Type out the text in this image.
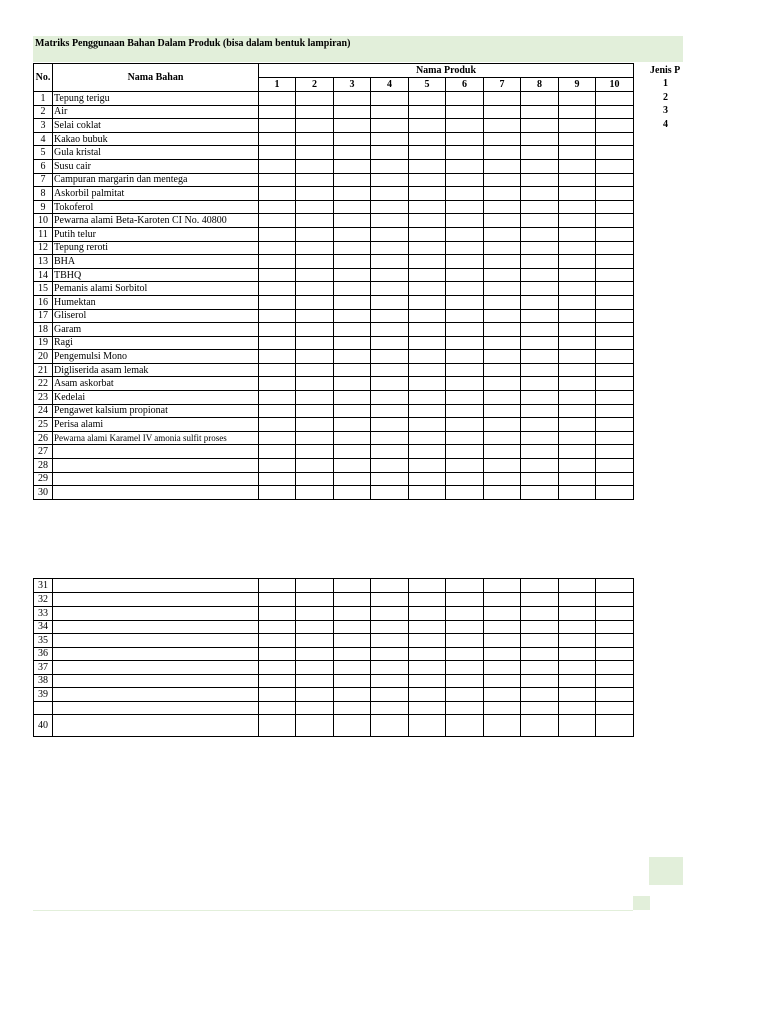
Matriks Penggunaan Bahan Dalam Produk (bisa dalam bentuk lampiran)
No.	Nama Bahan	Nama Produk									
		1	2	3	4	5	6	7	8	9	10
1	Tepung terigu										
2	Air										
3	Selai coklat										
4	Kakao bubuk										
5	Gula kristal										
6	Susu cair										
7	Campuran margarin dan mentega										
8	Askorbil palmitat										
9	Tokoferol										
10	Pewarna alami Beta-Karoten CI No. 40800										
11	Putih telur										
12	Tepung reroti										
13	BHA										
14	TBHQ										
15	Pemanis alami Sorbitol										
16	Humektan										
17	Gliserol										
18	Garam										
19	Ragi										
20	Pengemulsi Mono										
21	Digliserida asam lemak										
22	Asam askorbat										
23	Kedelai										
24	Pengawet kalsium propionat										
25	Perisa alami										
26	Pewarna alami Karamel IV amonia sulfit proses										
27											
28											
29											
30											
31											
32											
33											
34											
35											
36											
37											
38											
39											

40											
Jenis P
1
2
3
4
